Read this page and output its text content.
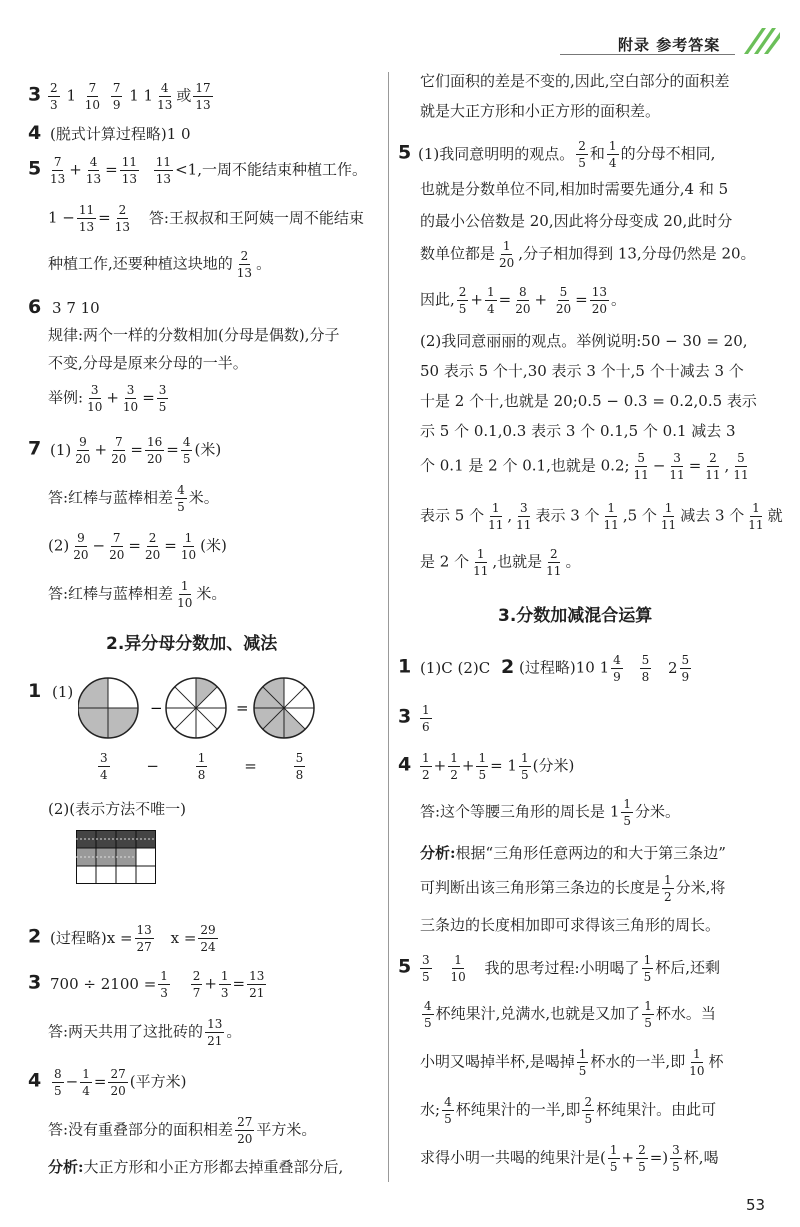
附录 参考答案
$3 \frac{2}{3} 1 \frac{7}{10}$
$\frac{7}{9} 1$ $1 \frac{4}{13}$ 或 $\frac{17}{13}$
4 (脱式计算过程略)1 0
$5 \frac{7}{13} + \frac{4}{13} = \frac{11}{13}$
$\frac{11}{13} <1$,一周不能结束种植工作。
$1 - \frac{11}{13} = \frac{2}{13}$ 答:王叔叔和王阿姨一周不能结束
种植工作,还要种植这块地的 $\frac{2}{13}$ 。
6 3 7 10
规律:两个一样的分数相加(分母是偶数),分子
不变,分母是原来分母的一半。
举例: $\frac{3}{10} + \frac{3}{10} = \frac{3}{5}$
7 $(1) \frac{9}{20} + \frac{7}{20} = \frac{16}{20} = \frac{4}{5}$ (米)
答:红棒与蓝棒相差 $\frac{4}{5}$ 米。
$(2) \frac{9}{20} - \frac{7}{20} = \frac{2}{20} = \frac{1}{10}$ (米)
答:红棒与蓝棒相差 $\frac{1}{10}$ 米。
2.异分母分数加、减法
1 (1)
−	=
$\frac{3}{4}$ −	$\frac{1}{8}$ =	$\frac{5}{8}$
(2)(表示方法不唯一)
2 (过程略)$x = \frac{13}{27}$ $x = \frac{29}{24}$
3 $700 \div 2100 = \frac{1}{3}$
$\frac{2}{7} + \frac{1}{3} = \frac{13}{21}$
答:两天共用了这批砖的 $\frac{13}{21}$ 。
$4 \frac{8}{5} - \frac{1}{4} = \frac{27}{20}$ (平方米)
答:没有重叠部分的面积相差 $\frac{27}{20}$ 平方米。
分析:大正方形和小正方形都去掉重叠部分后,
它们面积的差是不变的,因此,空白部分的面积差
就是大正方形和小正方形的面积差。
5 (1)我同意明明的观点。 $\frac{2}{5}$ 和 $\frac{1}{4}$ 的分母不相同,
也就是分数单位不同,相加时需要先通分,4 和 5
的最小公倍数是 20,因此将分母变成 20,此时分
数单位都是 $\frac{1}{20}$ ,分子相加得到 13,分母仍然是 20。
因此, $\frac{2}{5} + \frac{1}{4} = \frac{8}{20} + \frac{5}{20} = \frac{13}{20}$ 。
(2)我同意丽丽的观点。举例说明:50 − 30 = 20,
50 表示 5 个十,30 表示 3 个十,5 个十减去 3 个
十是 2 个十,也就是 20;0.5 − 0.3 = 0.2,0.5 表示
示 5 个 0.1,0.3 表示 3 个 0.1,5 个 0.1 减去 3
个 0.1 是 2 个 0.1,也就是 0.2; $\frac{5}{11} - \frac{3}{11} = \frac{2}{11}$ , $\frac{5}{11}$
表示 5 个 $\frac{1}{11}$ , $\frac{3}{11}$ 表示 3 个 $\frac{1}{11} ,5$ 个 $\frac{1}{11}$ 减去 3 个 $\frac{1}{11}$ 就
是 2 个 $\frac{1}{11}$ ,也就是 $\frac{2}{11}$ 。
3.分数加减混合运算
1 (1)C (2)C 2 (过程略)10 $1 \frac{4}{9}$
$\frac{5}{8} 2 \frac{5}{9}$
$3 \frac{1}{6}$
$4 \frac{1}{2} + \frac{1}{2} + \frac{1}{5} = 1 \frac{1}{5}$ (分米)
答:这个等腰三角形的周长是 $1 \frac{1}{5}$ 分米。
分析:根据“三角形任意两边的和大于第三条边”
可判断出该三角形第三条边的长度是 $\frac{1}{2}$ 分米,将
三条边的长度相加即可求得该三角形的周长。
$5 \frac{3}{5}$
$\frac{1}{10}$ 我的思考过程:小明喝了 $\frac{1}{5}$ 杯后,还剩
$\frac{4}{5}$ 杯纯果汁,兑满水,也就是又加了 $\frac{1}{5}$ 杯水。当
小明又喝掉半杯,是喝掉 $\frac{1}{5}$ 杯水的一半,即 $\frac{1}{10}$ 杯
水; $\frac{4}{5}$ 杯纯果汁的一半,即 $\frac{2}{5}$ 杯纯果汁。由此可
求得小明一共喝的纯果汁是( $\frac{1}{5} + \frac{2}{5}$ =) $\frac{3}{5}$ 杯,喝
53
